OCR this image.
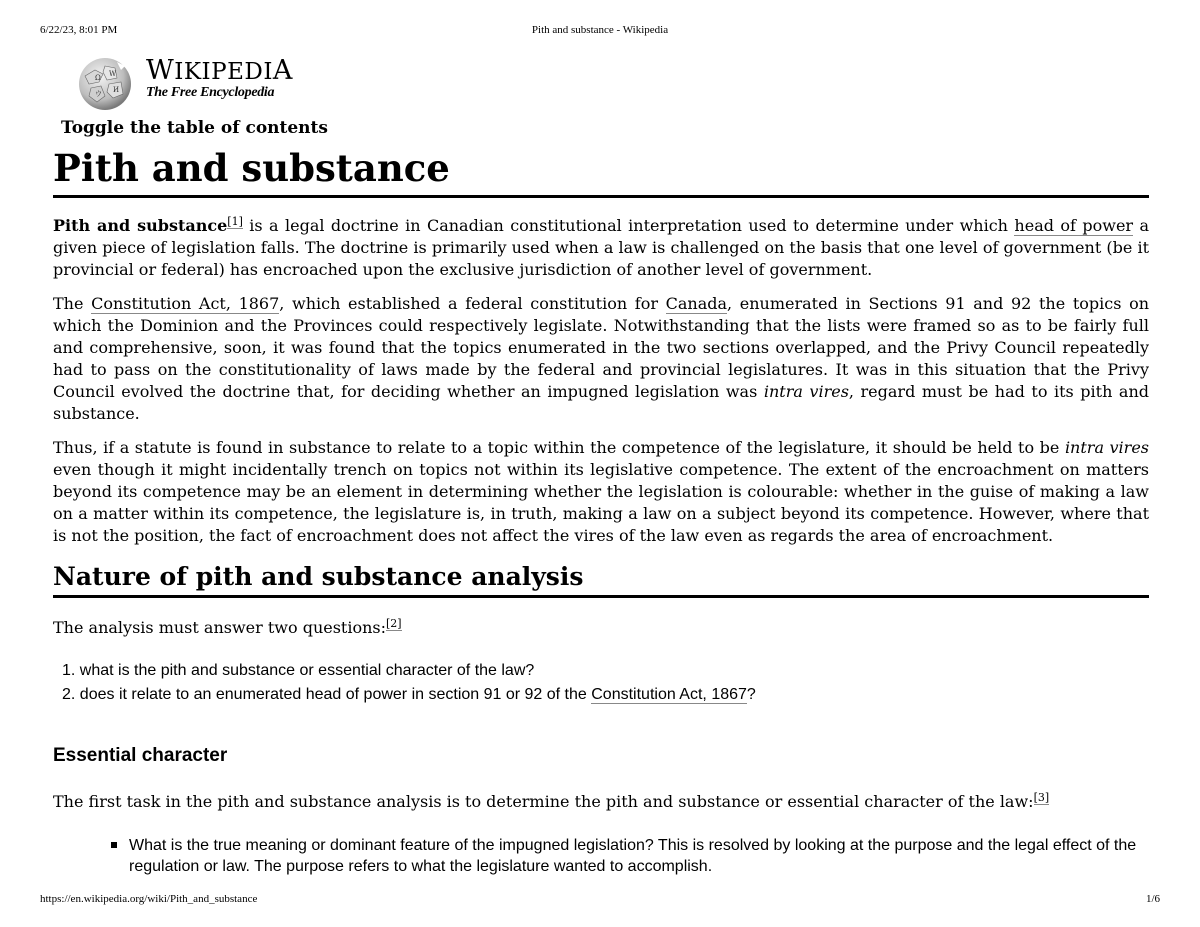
6/22/23, 8:01 PM	Pith and substance - Wikipedia
Ω W
И
ウ
WIKIPEDIA
The Free Encyclopedia
Toggle the table of contents
Pith and substance

Pith and substance[1] is a legal doctrine in Canadian constitutional interpretation used to determine under which head of power a given piece of legislation falls. The doctrine is primarily used when a law is challenged on the basis that one level of government (be it provincial or federal) has encroached upon the exclusive jurisdiction of another level of government.

The Constitution Act, 1867, which established a federal constitution for Canada, enumerated in Sections 91 and 92 the topics on which the Dominion and the Provinces could respectively legislate. Notwithstanding that the lists were framed so as to be fairly full and comprehensive, soon, it was found that the topics enumerated in the two sections overlapped, and the Privy Council repeatedly had to pass on the constitutionality of laws made by the federal and provincial legislatures. It was in this situation that the Privy Council evolved the doctrine that, for deciding whether an impugned legislation was intra vires, regard must be had to its pith and substance.

Thus, if a statute is found in substance to relate to a topic within the competence of the legislature, it should be held to be intra vires even though it might incidentally trench on topics not within its legislative competence. The extent of the encroachment on matters beyond its competence may be an element in determining whether the legislation is colourable: whether in the guise of making a law on a matter within its competence, the legislature is, in truth, making a law on a subject beyond its competence. However, where that is not the position, the fact of encroachment does not affect the vires of the law even as regards the area of encroachment.

Nature of pith and substance analysis
The analysis must answer two questions:[2]
1. what is the pith and substance or essential character of the law?
2. does it relate to an enumerated head of power in section 91 or 92 of the Constitution Act, 1867?
Essential character
The first task in the pith and substance analysis is to determine the pith and substance or essential character of the law:[3]
What is the true meaning or dominant feature of the impugned legislation? This is resolved by looking at the purpose and the legal effect of the regulation or law. The purpose refers to what the legislature wanted to accomplish.
https://en.wikipedia.org/wiki/Pith_and_substance	1/6
